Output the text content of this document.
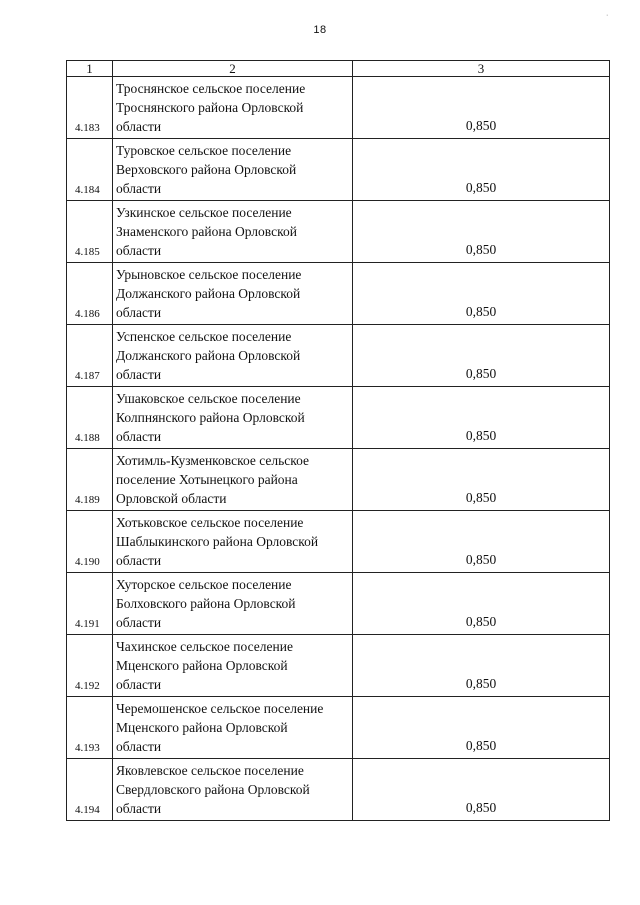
18
·
1	2	3

4.183	Троснянское сельское поселение
Троснянского района Орловской
области	0,850

4.184	Туровское сельское поселение
Верховского района Орловской
области	0,850

4.185	Узкинское сельское поселение
Знаменского района Орловской
области	0,850

4.186	Урыновское сельское поселение
Должанского района Орловской
области	0,850

4.187	Успенское сельское поселение
Должанского района Орловской
области	0,850

4.188	Ушаковское сельское поселение
Колпнянского района Орловской
области	0,850

4.189	Хотимль-Кузменковское сельское
поселение Хотынецкого района
Орловской области	0,850

4.190	Хотьковское сельское поселение
Шаблыкинского района Орловской
области	0,850

4.191	Хуторское сельское поселение
Болховского района Орловской
области	0,850

4.192	Чахинское сельское поселение
Мценского района Орловской
области	0,850

4.193	Черемошенское сельское поселение
Мценского района Орловской
области	0,850

4.194	Яковлевское сельское поселение
Свердловского района Орловской
области	0,850
